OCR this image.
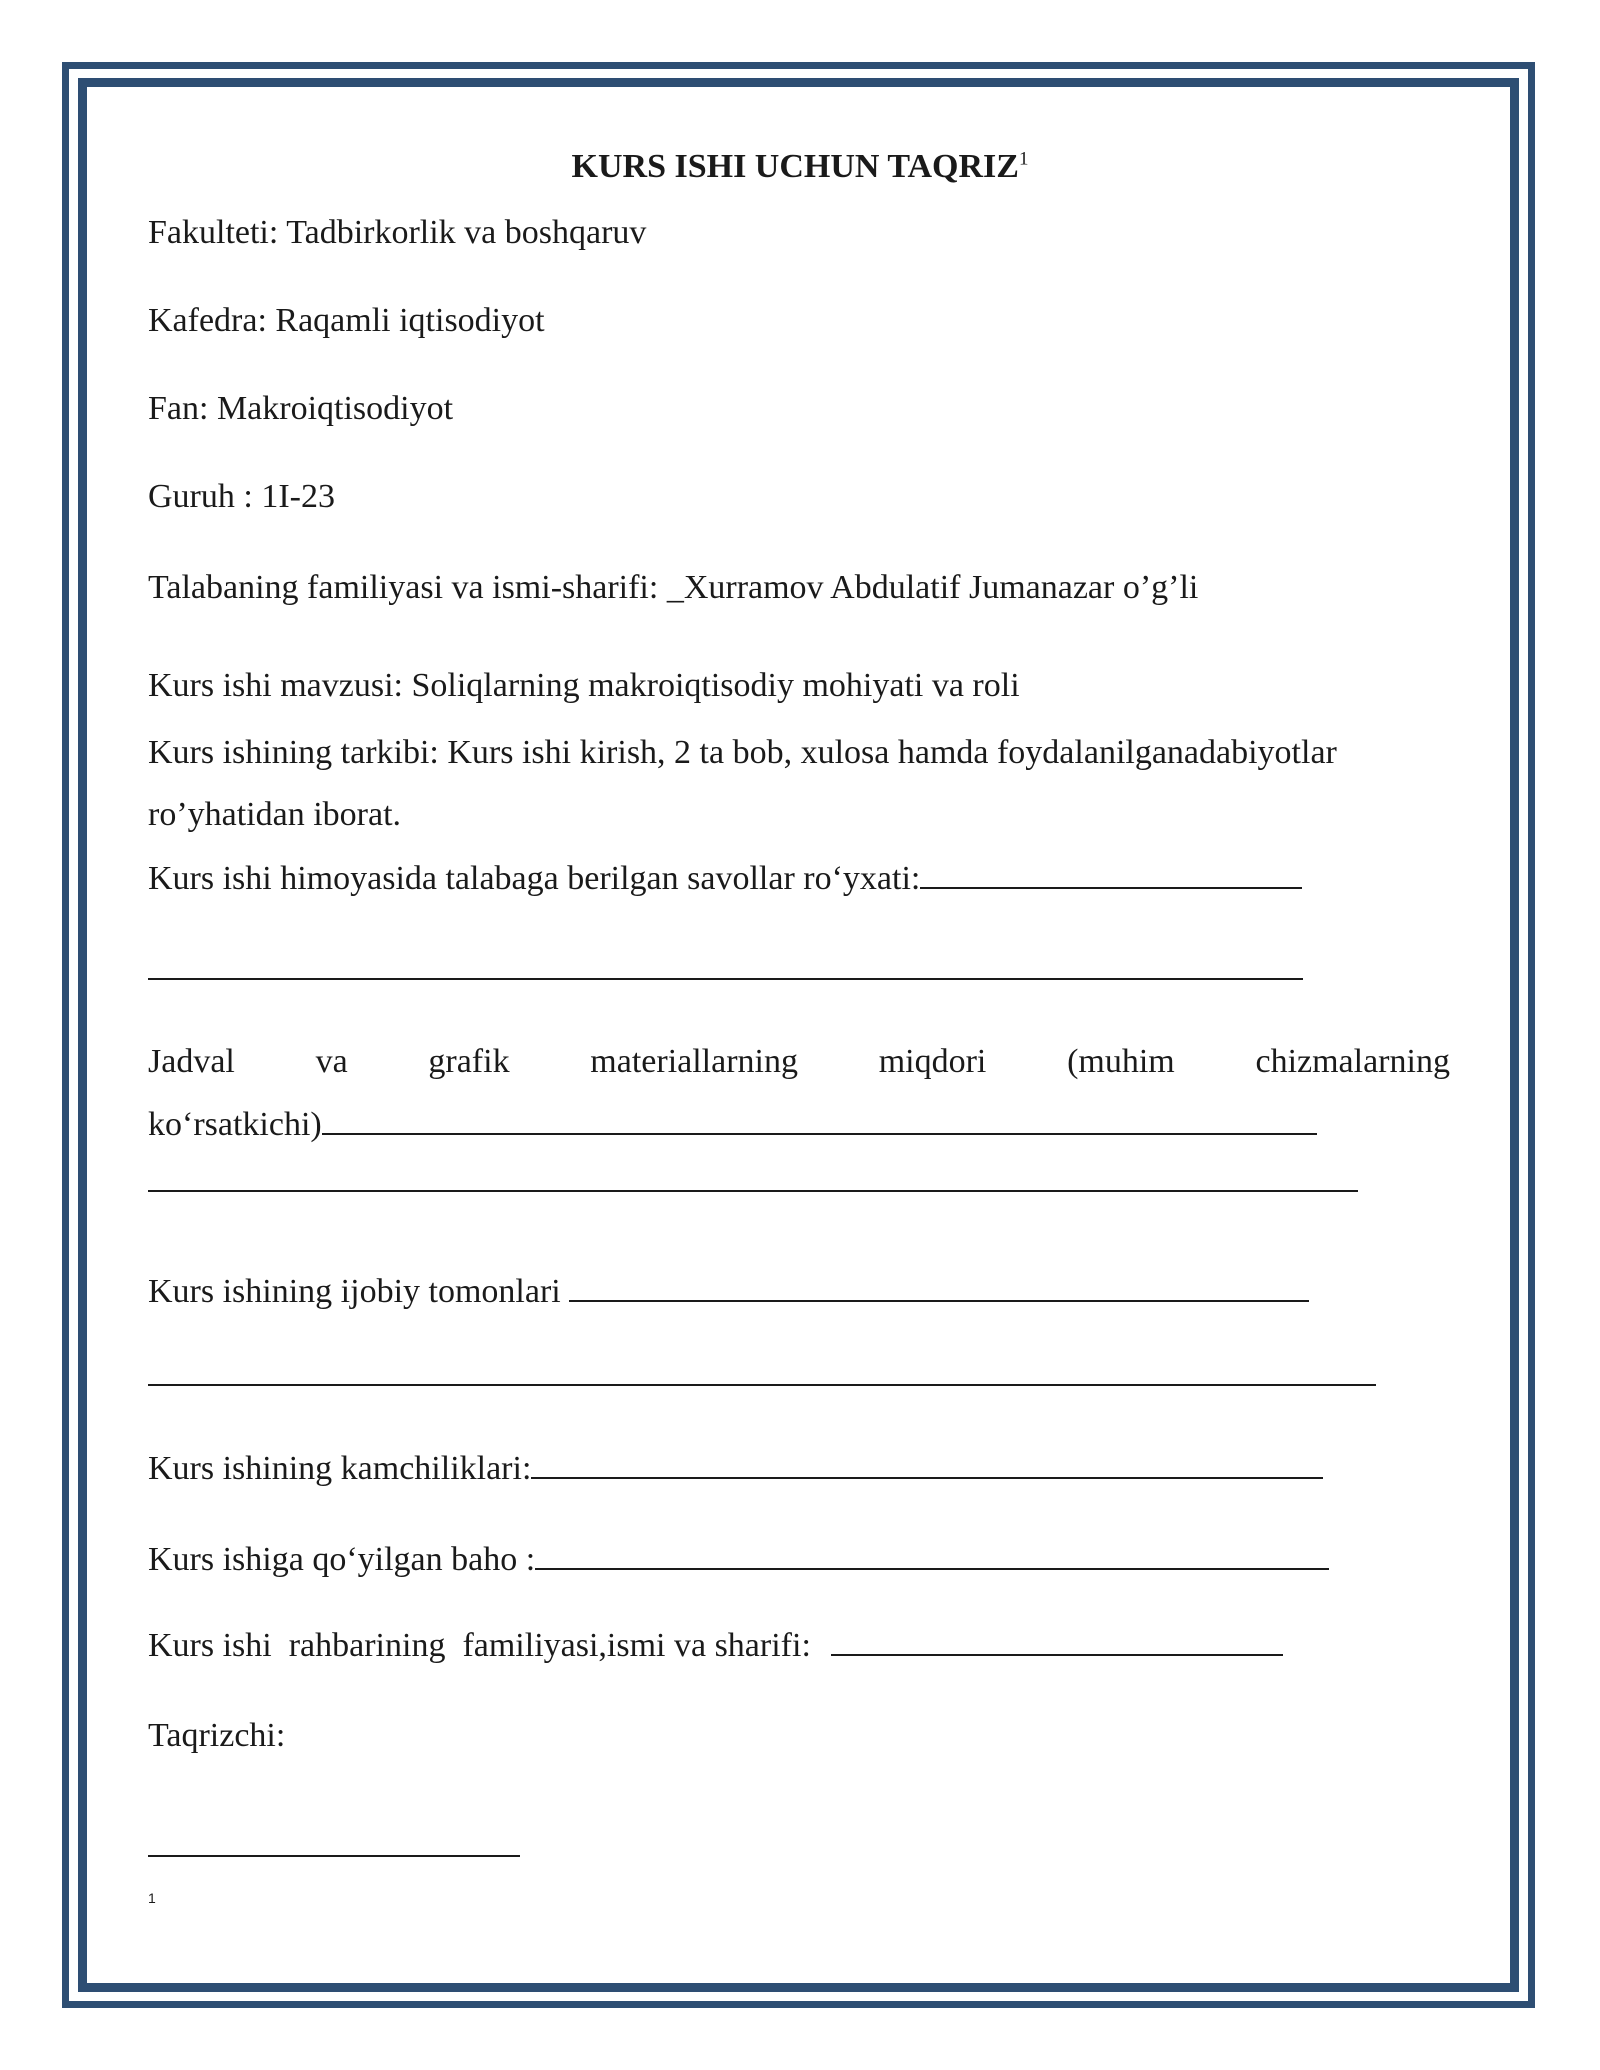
KURS ISHI UCHUN TAQRIZ$^1$
Fakulteti: Tadbirkorlik va boshqaruv
Kafedra: Raqamli iqtisodiyot
Fan: Makroiqtisodiyot
Guruh : 1I-23
Talabaning familiyasi va ismi-sharifi: _Xurramov Abdulatif Jumanazar o’g’li
Kurs ishi mavzusi: Soliqlarning makroiqtisodiy mohiyati va roli
Kurs ishining tarkibi: Kurs ishi kirish, 2 ta bob, xulosa hamda foydalanilganadabiyotlar
ro’yhatidan iborat.
Kurs ishi himoyasida talabaga berilgan savollar ro‘yxati:
Jadval va grafik materiallarning miqdori (muhim chizmalarning
ko‘rsatkichi)
Kurs ishining ijobiy tomonlari
Kurs ishining kamchiliklari:
Kurs ishiga qo‘yilgan baho :
Kurs ishi  rahbarining  familiyasi,ismi va sharifi:
Taqrizchi:
1
